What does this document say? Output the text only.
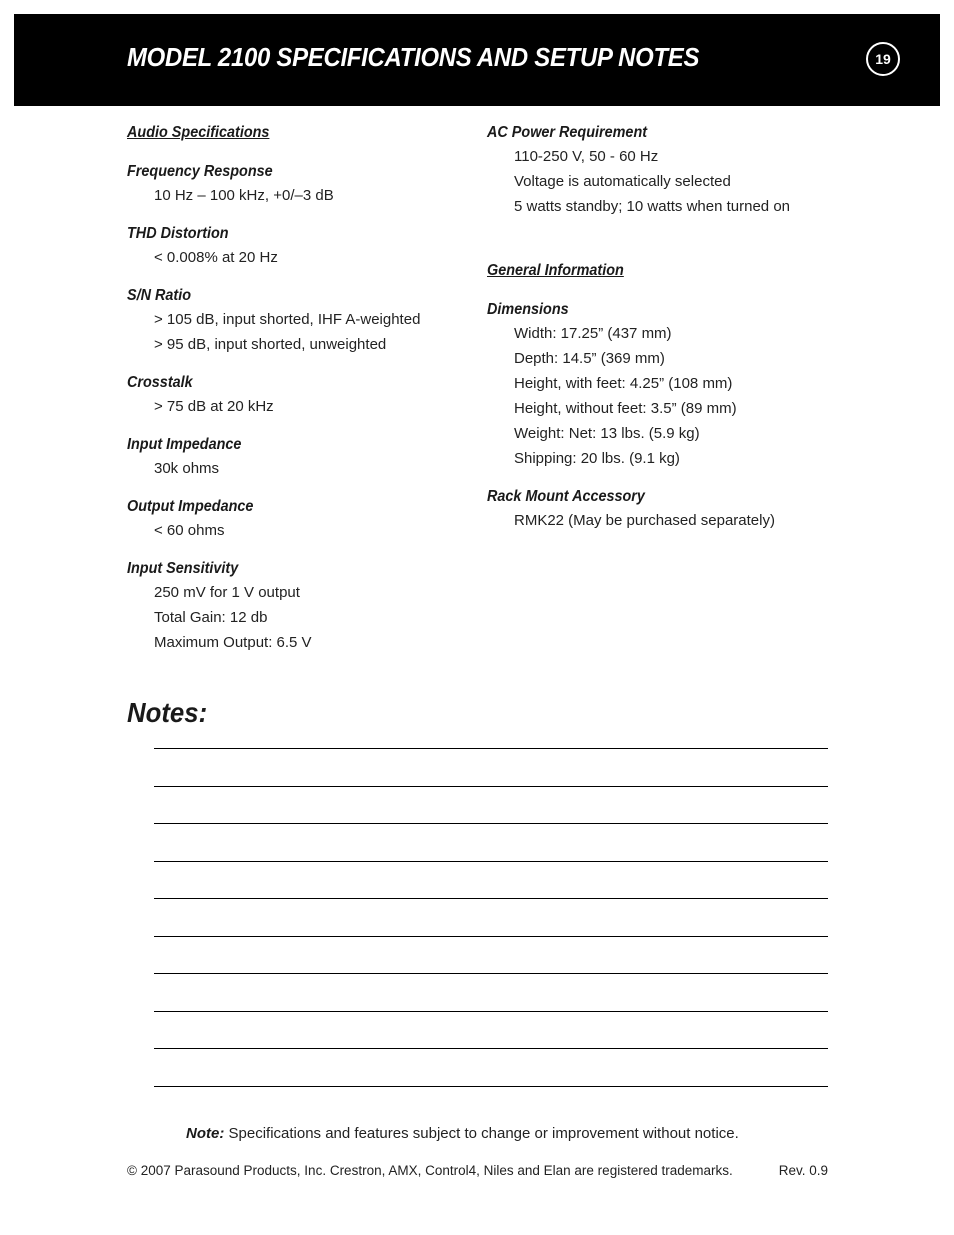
MODEL 2100 SPECIFICATIONS AND SETUP NOTES	19
Audio Specifications
Frequency Response
10 Hz – 100 kHz, +0/–3 dB
THD Distortion
< 0.008% at 20 Hz
S/N Ratio
> 105 dB, input shorted, IHF A-weighted
> 95 dB, input shorted, unweighted
Crosstalk
> 75 dB at 20 kHz
Input Impedance
30k ohms
Output Impedance
< 60 ohms
Input Sensitivity
250 mV for 1 V output
Total Gain: 12 db
Maximum Output: 6.5 V
AC Power Requirement
110-250 V, 50 - 60 Hz
Voltage is automatically selected
5 watts standby; 10 watts when turned on
General Information
Dimensions
Width: 17.25” (437 mm)
Depth: 14.5” (369 mm)
Height, with feet: 4.25” (108 mm)
Height, without feet: 3.5” (89 mm)
Weight: Net: 13 lbs. (5.9 kg)
Shipping: 20 lbs. (9.1 kg)
Rack Mount Accessory
RMK22 (May be purchased separately)
Notes:
Note: Specifications and features subject to change or improvement without notice.
© 2007 Parasound Products, Inc. Crestron, AMX, Control4, Niles and Elan are registered trademarks.	Rev. 0.9
